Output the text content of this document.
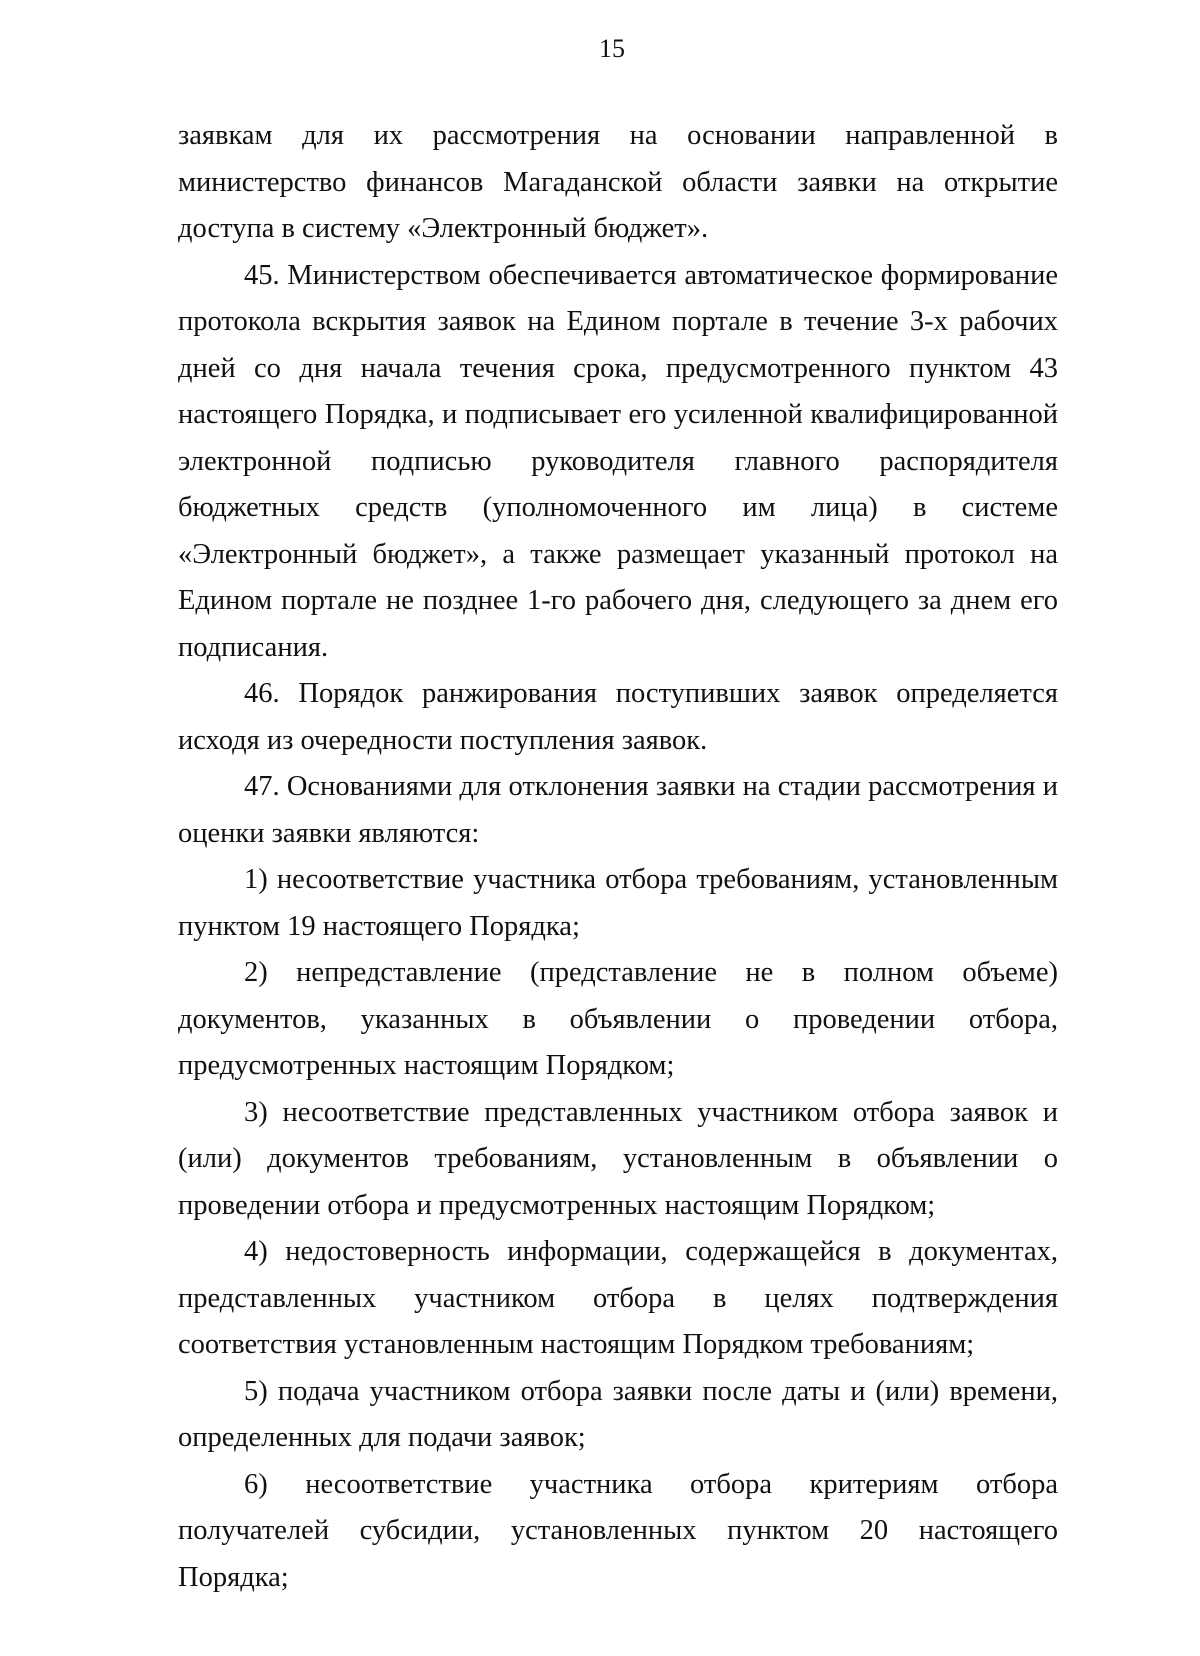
15

заявкам для их рассмотрения на основании направленной в министерство финансов Магаданской области заявки на открытие доступа в систему «Электронный бюджет».

45. Министерством обеспечивается автоматическое формирование протокола вскрытия заявок на Едином портале в течение 3-х рабочих дней со дня начала течения срока, предусмотренного пунктом 43 настоящего Порядка, и подписывает его усиленной квалифицированной электронной подписью руководителя главного распорядителя бюджетных средств (уполномоченного им лица) в системе «Электронный бюджет», а также размещает указанный протокол на Едином портале не позднее 1-го рабочего дня, следующего за днем его подписания.

46. Порядок ранжирования поступивших заявок определяется исходя из очередности поступления заявок.

47. Основаниями для отклонения заявки на стадии рассмотрения и оценки заявки являются:

1) несоответствие участника отбора требованиям, установленным пунктом 19 настоящего Порядка;

2) непредставление (представление не в полном объеме) документов, указанных в объявлении о проведении отбора, предусмотренных настоящим Порядком;

3) несоответствие представленных участником отбора заявок и (или) документов требованиям, установленным в объявлении о проведении отбора и предусмотренных настоящим Порядком;

4) недостоверность информации, содержащейся в документах, представленных участником отбора в целях подтверждения соответствия установленным настоящим Порядком требованиям;

5) подача участником отбора заявки после даты и (или) времени, определенных для подачи заявок;

6) несоответствие участника отбора критериям отбора получателей субсидии, установленных пунктом 20 настоящего Порядка;
